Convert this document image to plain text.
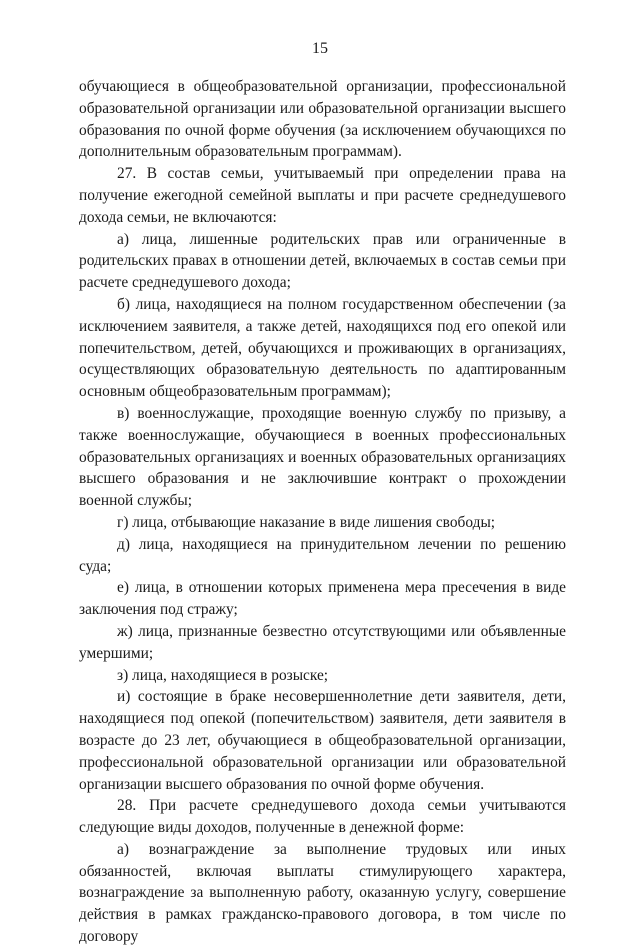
15

обучающиеся в общеобразовательной организации, профессиональной образовательной организации или образовательной организации высшего образования по очной форме обучения (за исключением обучающихся по дополнительным образовательным программам).

27. В состав семьи, учитываемый при определении права на получение ежегодной семейной выплаты и при расчете среднедушевого дохода семьи, не включаются:

а) лица, лишенные родительских прав или ограниченные в родительских правах в отношении детей, включаемых в состав семьи при расчете среднедушевого дохода;

б) лица, находящиеся на полном государственном обеспечении (за исключением заявителя, а также детей, находящихся под его опекой или попечительством, детей, обучающихся и проживающих в организациях, осуществляющих образовательную деятельность по адаптированным основным общеобразовательным программам);

в) военнослужащие, проходящие военную службу по призыву, а также военнослужащие, обучающиеся в военных профессиональных образовательных организациях и военных образовательных организациях высшего образования и не заключившие контракт о прохождении военной службы;

г) лица, отбывающие наказание в виде лишения свободы;

д) лица, находящиеся на принудительном лечении по решению суда;

е) лица, в отношении которых применена мера пресечения в виде заключения под стражу;

ж) лица, признанные безвестно отсутствующими или объявленные умершими;

з) лица, находящиеся в розыске;

и) состоящие в браке несовершеннолетние дети заявителя, дети, находящиеся под опекой (попечительством) заявителя, дети заявителя в возрасте до 23 лет, обучающиеся в общеобразовательной организации, профессиональной образовательной организации или образовательной организации высшего образования по очной форме обучения.

28. При расчете среднедушевого дохода семьи учитываются следующие виды доходов, полученные в денежной форме:

а) вознаграждение за выполнение трудовых или иных обязанностей, включая выплаты стимулирующего характера, вознаграждение за выполненную работу, оказанную услугу, совершение действия в рамках гражданско-правового договора, в том числе по договору
